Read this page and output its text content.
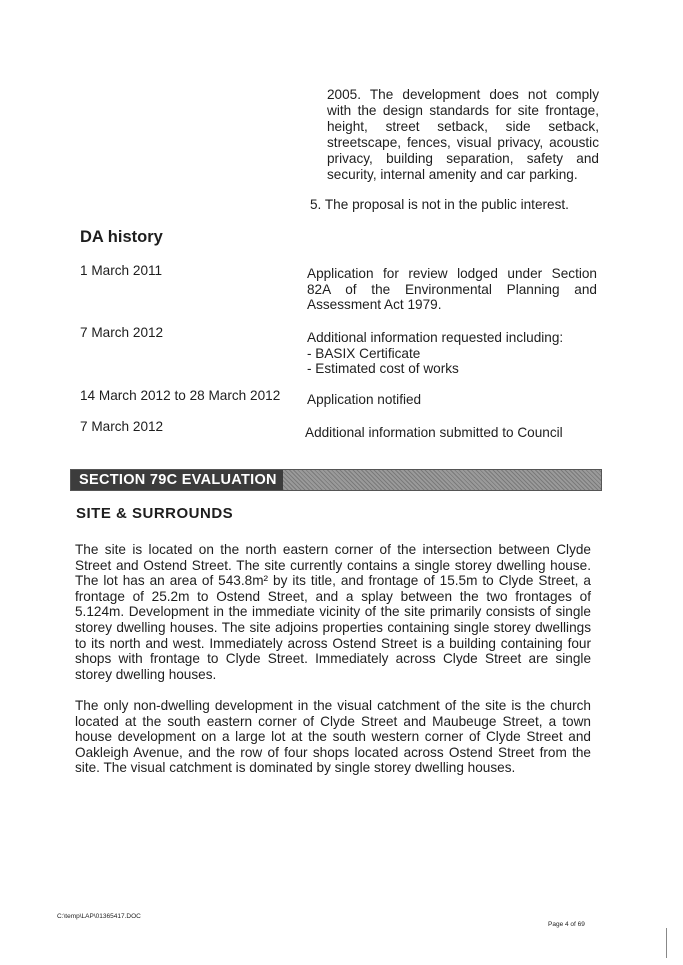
2005. The development does not comply
with the design standards for site frontage,
height, street setback, side setback,
streetscape, fences, visual privacy, acoustic
privacy, building separation, safety and
security, internal amenity and car parking.
5. The proposal is not in the public interest.
DA history
1 March 2011	Application for review lodged under Section
82A of the Environmental Planning and
Assessment Act 1979.
7 March 2012	Additional information requested including:
- BASIX Certificate
- Estimated cost of works
14 March 2012 to 28 March 2012 Application notified
7 March 2012	Additional information submitted to Council
SECTION 79C EVALUATION
SITE & SURROUNDS
The site is located on the north eastern corner of the intersection between Clyde
Street and Ostend Street. The site currently contains a single storey dwelling house.
The lot has an area of 543.8m² by its title, and frontage of 15.5m to Clyde Street, a
frontage of 25.2m to Ostend Street, and a splay between the two frontages of
5.124m. Development in the immediate vicinity of the site primarily consists of single
storey dwelling houses. The site adjoins properties containing single storey dwellings
to its north and west. Immediately across Ostend Street is a building containing four
shops with frontage to Clyde Street. Immediately across Clyde Street are single
storey dwelling houses.
The only non-dwelling development in the visual catchment of the site is the church
located at the south eastern corner of Clyde Street and Maubeuge Street, a town
house development on a large lot at the south western corner of Clyde Street and
Oakleigh Avenue, and the row of four shops located across Ostend Street from the
site. The visual catchment is dominated by single storey dwelling houses.
C:\temp\LAP\01365417.DOC
Page 4 of 69
